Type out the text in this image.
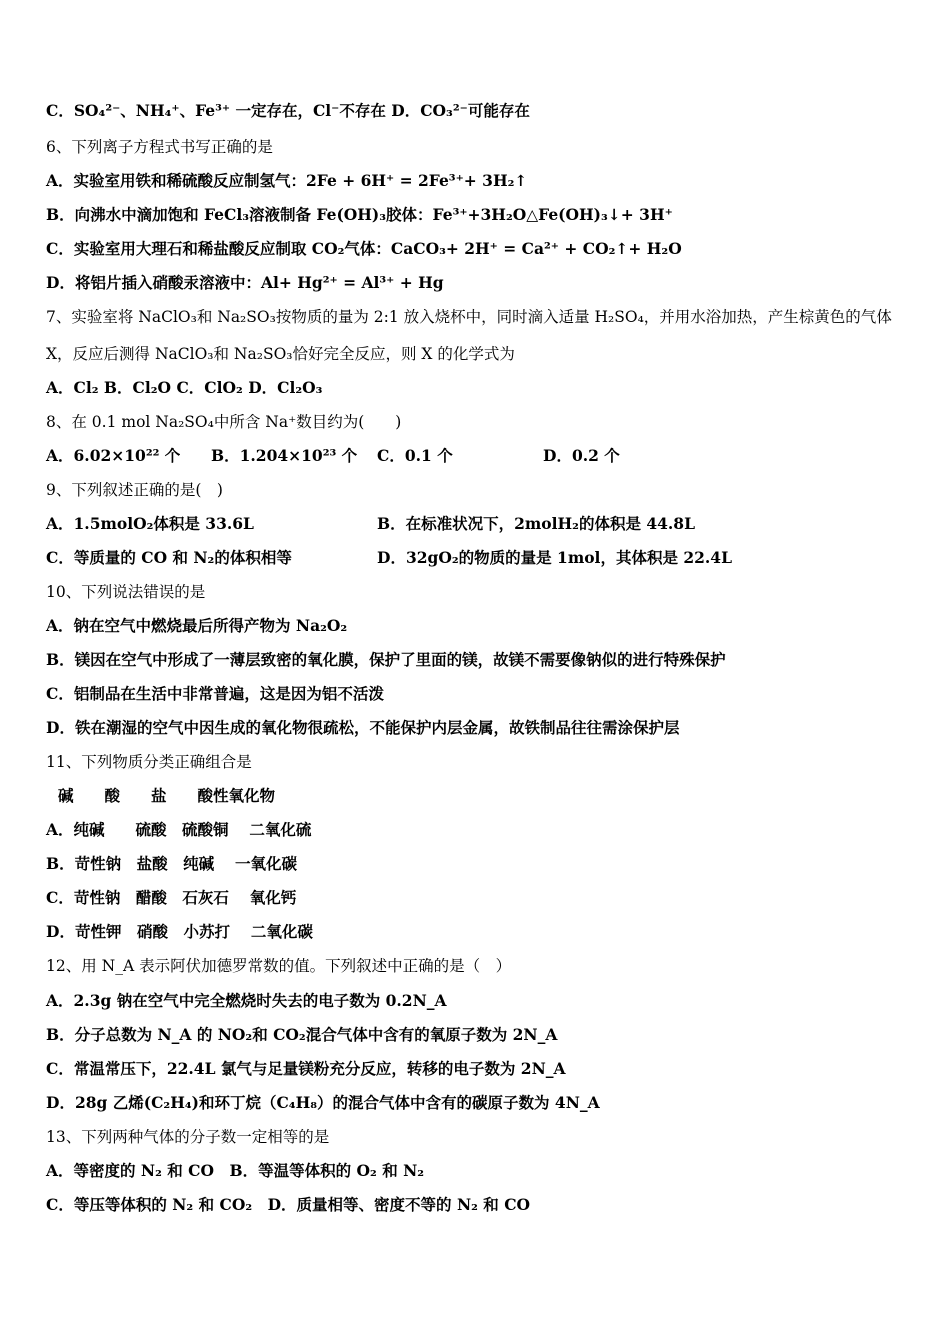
C．SO₄²⁻、NH₄⁺、Fe³⁺ 一定存在，Cl⁻不存在 D．CO₃²⁻可能存在
6、下列离子方程式书写正确的是
A．实验室用铁和稀硫酸反应制氢气：2Fe + 6H⁺ = 2Fe³⁺+ 3H₂↑
B．向沸水中滴加饱和 FeCl₃溶液制备 Fe(OH)₃胶体：Fe³⁺+3H₂O△Fe(OH)₃↓+ 3H⁺
C．实验室用大理石和稀盐酸反应制取 CO₂气体：CaCO₃+ 2H⁺ = Ca²⁺ + CO₂↑+ H₂O
D．将铝片插入硝酸汞溶液中：Al+ Hg²⁺ = Al³⁺ + Hg
7、实验室将 NaClO₃和 Na₂SO₃按物质的量为 2:1 放入烧杯中，同时滴入适量 H₂SO₄，并用水浴加热，产生棕黄色的气体
X，反应后测得 NaClO₃和 Na₂SO₃恰好完全反应，则 X 的化学式为
A．Cl₂ B．Cl₂O C．ClO₂ D．Cl₂O₃
8、在 0.1 mol Na₂SO₄中所含 Na⁺数目约为(　　)
A．6.02×10²² 个 B．1.204×10²³ 个 C．0.1 个	D．0.2 个
9、下列叙述正确的是(　)
A．1.5molO₂体积是 33.6L	B．在标准状况下，2molH₂的体积是 44.8L
C．等质量的 CO 和 N₂的体积相等	D．32gO₂的物质的量是 1mol，其体积是 22.4L
10、下列说法错误的是
A．钠在空气中燃烧最后所得产物为 Na₂O₂
B．镁因在空气中形成了一薄层致密的氧化膜，保护了里面的镁，故镁不需要像钠似的进行特殊保护
C．铝制品在生活中非常普遍，这是因为铝不活泼
D．铁在潮湿的空气中因生成的氧化物很疏松，不能保护内层金属，故铁制品往往需涂保护层
11、下列物质分类正确组合是
碱　　酸　　盐　　酸性氧化物
A．纯碱　　硫酸　硫酸铜　 二氧化硫
B．苛性钠　盐酸　纯碱　 一氧化碳
C．苛性钠　醋酸　石灰石　 氧化钙
D．苛性钾　硝酸　小苏打　 二氧化碳
12、用 N_A 表示阿伏加德罗常数的值。下列叙述中正确的是（　）
A．2.3g 钠在空气中完全燃烧时失去的电子数为 0.2N_A
B．分子总数为 N_A 的 NO₂和 CO₂混合气体中含有的氧原子数为 2N_A
C．常温常压下，22.4L 氯气与足量镁粉充分反应，转移的电子数为 2N_A
D．28g 乙烯(C₂H₄)和环丁烷（C₄H₈）的混合气体中含有的碳原子数为 4N_A
13、下列两种气体的分子数一定相等的是
A．等密度的 N₂ 和 CO　B．等温等体积的 O₂ 和 N₂
C．等压等体积的 N₂ 和 CO₂　D．质量相等、密度不等的 N₂ 和 CO
